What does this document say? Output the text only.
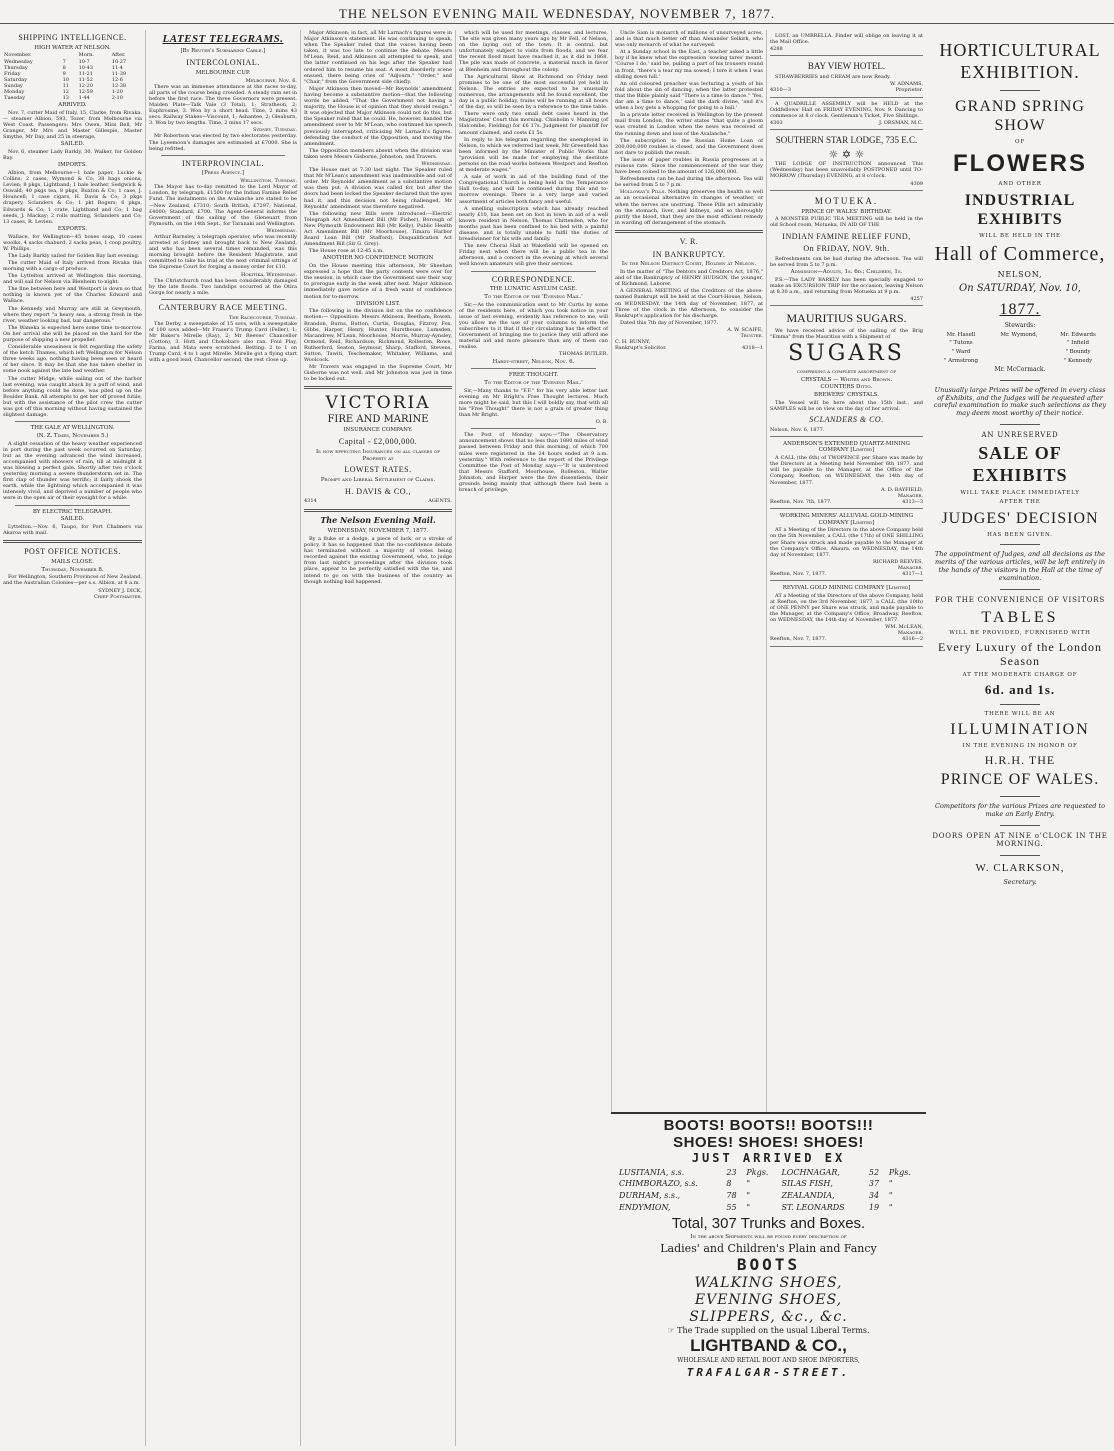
THE NELSON EVENING MAIL WEDNESDAY, NOVEMBER 7, 1877.
SHIPPING INTELLIGENCE.
HIGH WATER AT NELSON.
November.		Morn.	After.
Wednesday	7	10·7	10·27
Thursday	8	10·43	11·4
Friday	9	11·21	11·39
Saturday	10	11·52	12·6
Sunday	11	12·20	12·38
Monday	12	12·59	1·20
Tuesday	13	1·44	2·10
ARRIVED.

Nov. 7, cutter Maid of Italy, 15, Clarke, from Rivaka. — steamer Albion, 593, Tozer, from Melbourne via West Coast. Passengers: Mrs Owen, Miss Bell, Mr Granger, Mr Mrs and Master Gillespie, Master Smythe, Mr Day, and 25 in steerage.

SAILED.

Nov. 6, steamer Lady Barkly, 30, Walker, for Golden Bay.

IMPORTS.

Albion, from Melbourne—1 bale paper, Luckie & Collins; 2 cases, Wymond & Co; 38 bags onions, Levien; 8 pkgs, Lightband; 1 bale leather, Sedgwick & Oswald; 40 pkgs tea, 8 pkgs, Buxton & Co; 1 case, J. Houncell; 1 case cigars, H. Davis & Co; 3 pkgs drapery, Sclanders & Co; 1 pkt Rogers; 6 pkgs, Edwards & Co; 1 crate, Lightband and Co; 1 bag seeds, J. Mackay; 2 rolls matting, Sclanders and Co; 13 cases, R. Levien.

EXPORTS.

Wallace, for Wellington—45 boxes soap, 10 cases woolks, 4 sacks chaburd, 2 sacks peas, 1 coop poultry, W. Phillips.

The Lady Barkly sailed for Golden Bay last evening.

The cutter Maid of Italy arrived from Rivaka this morning with a cargo of produce.

The Lyttelton arrived at Wellington this morning, and will sail for Nelson via Blenheim to-night.

The fine between here and Westport is down so that nothing is known yet of the Charles Edward and Wallace.

The Kennedy and Murray are still at Greymouth, where they report "a heavy sea, a strong fresh in the river, weather looking bad, bar dangerous."

The Waneka is expected here some time to-morrow. On her arrival she will be placed on the hard for the purpose of shipping a new propeller.

Considerable uneasiness is felt regarding the safety of the ketch Thames, which left Wellington for Nelson three weeks ago, nothing having been seen or heard of her since. It may be that she has taken shelter in some nook against the late bad weather.

The cutter Midge, while sailing out of the harbor last evening, was caught aback by a puff of wind, and before anything could be done, was piled up on the Boulder Bank. All attempts to get her off proved futile, but with the assistance of the pilot crew the cutter was got off this morning without having sustained the slightest damage.

THE GALE AT WELLINGTON.
(N. Z. Times, November 5.)

A slight cessation of the heavy weather experienced in port during the past week occurred on Saturday, but as the evening advanced the wind increased, accompanied with showers of rain, till at midnight it was blowing a perfect gale. Shortly after two o'clock yesterday morning a severe thunderstorm set in. The first clap of thunder was terrific; it fairly shook the earth, while the lightning which accompanied it was intensely vivid, and deprived a number of people who were in the open air of their eyesight for a while.

BY ELECTRIC TELEGRAPH.
SAILED.

Lyttelton.—Nov. 6, Taupo, for Port Chalmers via Akaroa with mail.

POST OFFICE NOTICES.
MAILS CLOSE.
Thursday, November 8.

For Wellington, Southern Provinces of New Zealand, and the Australian Colonies—per s.s. Albion, at 8 a.m.

SYDNEY J. DICK,
Chief Postmaster.
LATEST TELEGRAMS.
[By Reuter's Submarine Cable.]
INTERCOLONIAL.
MELBOURNE CUP.
Melbourne, Nov. 6.

There was an immense attendance at the races to-day, all parts of the course being crowded. A steady rain set in before the first race. The three Governors were present. Maiden Plate—Talk Vale (3 Total), 1; Stratheon, 2; Euphrosine, 3. Won by a short head. Time, 2 mins 43 secs. Railway Stakes—Viscount, 1; Ashantee, 2; Gleaburn, 3. Won by two lengths. Time, 2 mins 17 secs.

Sydney, Tuesday.

Mr Robertson was elected by two electorates yesterday. The Lyeemoon's damages are estimated at £7000. She is being refitted.

INTERPROVINCIAL.
[Press Agency.]
Wellington, Tuesday.

The Mayor has to-day remitted to the Lord Mayor of London, by telegraph, £1500 for the Indian Famine Relief Fund. The instalments on the Avalanche are stated to be—New Zealand, £7310; South British, £7297; National, £4000; Standard, £700. The Agent-General informs the Government of the sailing of the Gleneuart from Plymouth, on the 14th Sept., for Taranaki and Wellington.

Wednesday.

Arthur Barnsley, a telegraph operator, who was recently arrested at Sydney and brought back to New Zealand, and who has been several times remanded, was this morning brought before the Resident Magistrate, and committed to take his trial at the next criminal sittings of the Supreme Court for forging a money order for £10.

Hokitika, Wednesday.

The Christchurch road has been considerably damaged by the late floods. Two landslips occurred at the Otira Gorge for nearly a mile.

CANTERBURY RACE MEETING.
The Racecourse, Tuesday.

The Derby, a sweepstake of 15 sovs, with a sweepstake of 100 sovs added—Mr Fraser's Trump Card (Feller), 1; Mr Baker's Mirelle (Ray), 2; Mr Reeves' Chancellor (Cotton), 3. Hutt and Chokobaro also ran. Foul Play, Farina, and Mata were scratched. Betting: 2 to 1 on Trump Card, 4 to 1 agst Mirelle. Mirelle got a flying start with a good lead, Chancellor second, the rest close up.

Major Atkinson; in fact, all Mr Larnach's figures were in Major Atkinson's statement. He was continuing to speak, when The Speaker ruled that the voices having been taken, it was too late to continue the debate. Messrs M'Lean, Reid, and Atkinson all attempted to speak, and the latter continued on his legs after the Speaker had ordered him to resume his seat. A most disorderly scene ensued, there being cries of "Adjourn," "Order," and "Chair," from the Government side chiefly.

Major Atkinson then moved—Mr Reynolds' amendment having become a substantive motion—that the following words be added, "That the Government not having a majority, the House is of opinion that they should resign." It was objected that Major Atkinson could not do this, but the Speaker ruled that he could. He, however, handed the amendment over to Mr M'Lean, who continued his speech previously interrupted, criticising Mr Larnach's figures, defending the conduct of the Opposition, and moving the amendment.

The Opposition members absent when the division was taken were Messrs Gisborne, Johnston, and Travers.

Wednesday.

The House met at 7:30 last night. The Speaker ruled that Mr M'Lean's amendment was inadmissible and out of order. Mr Reynolds' amendment as a substantive motion was then put. A division was called for, but after the doors had been locked the Speaker declared that the ayes had it, and this decision not being challenged, Mr Reynolds' amendment was therefore negatived.

The following new Bills were introduced:—Electric Telegraph Act Amendment Bill (Mr Fisher), Borough of New Plymouth Endowment Bill (Mr Kelly), Public Health Act Amendment Bill (Mr Moorhouse), Timaru Harbor Board Loan Bill (Mr Stafford), Disqualification Act Amendment Bill (Sir G. Grey).

The House rose at 12:45 a.m.

ANOTHER NO CONFIDENCE MOTION

On the House meeting this afternoon, Mr Sheehan expressed a hope that the party contests were over for the session, in which case the Government saw their way to prorogue early in the week after next. Major Atkinson immediately gave notice of a fresh want of confidence motion for to-morrow.

DIVISION LIST.

The following is the division list on the no confidence motion:— Opposition: Messrs Atkinson, Beetham, Bowen, Brandon, Burns, Button, Curtis, Douglas, Fitzroy, Fox, Gibbs, Harper, Henry, Hunter, Hursthouse, Lumsden, Macandrew, M'Lean, Moorhouse, Morris, Murray-Aynsley, Ormond, Reid, Richardson, Richmond, Rolleston, Rowe, Rutherford, Seaton, Seymour, Sharp, Stafford, Stevens, Sutton, Tawiti, Teschemaker, Whitaker, Williams, and Woolcock.

Mr Travers was engaged in the Supreme Court, Mr Gisborne was not well, and Mr Johnston was just in time to be locked out.

VICTORIA
FIRE AND MARINE
INSURANCE COMPANY.
Capital - £2,000,000.
Is now effecting Insurances on all classes of Property at
LOWEST RATES.
Prompt and Liberal Settlement of Claims.
H. DAVIS & CO.,
4314	AGENTS.
The Nelson Evening Mail.
WEDNESDAY, NOVEMBER 7, 1877.

By a fluke or a dodge, a piece of luck, or a stroke of policy, it has so happened that the no-confidence debate has terminated without a majority of votes being recorded against the existing Government, who, to judge from last night's proceedings after the division took place, appear to be perfectly satisfied with the tie, and intend to go on with the business of the country as though nothing had happened.

which will be used for meetings, classes, and lectures. The site was given many years ago by Mr Fell, of Nelson, on the laying out of the town. It is central, but unfortunately subject to visits from floods, and we fear the recent flood must have reached it, as it did in 1868. The pile was made of concrete, a material much in favor at Blenheim and throughout the colony.

The Agricultural Show at Richmond on Friday next promises to be one of the most successful yet held in Nelson. The entries are expected to be unusually numerous, the arrangements will be found excellent, the day is a public holiday, trains will be running at all hours of the day, so will be seen by a reference to the time table.

There were only two small debt cases heard in the Magistrates' Court this morning. Chisholm v. Manning (of Halcombe, Fielding) for £6 17s. Judgment for plaintiff for amount claimed, and costs £1 5s.

In reply to his telegram regarding the unemployed in Nelson, to which we referred last week, Mr Greenfield has been informed by the Minister of Public Works that "provision will be made for employing the destitute persons on the road works between Westport and Reefton at moderate wages."

A sale of work in aid of the building fund of the Congregational Church is being held in the Temperance Hall to-day, and will be continued during this and to-morrow evenings. There is a very large and varied assortment of articles both fancy and useful.

A smelling subscription which has already reached nearly £10, has been set on foot in town in aid of a well known resident in Nelson, Thomas Chittenden, who for months past has been confined to his bed with a painful disease, and is totally unable to fulfil the duties of breadwinner for his wife and family.

The new Choral Hall at Wakefield will be opened on Friday next when there will be a public tea in the afternoon, and a concert in the evening at which several well known amateurs will give their services.

CORRESPONDENCE.
THE LUNATIC ASYLUM CASE.
To the Editor of the 'Evening Mail.'

Sir,—As the communication sent to Mr Curtis by some of the residents here, of which you took notice in your issue of last evening, evidently has reference to me, will you allow me the use of your columns to inform the subscribers to it that if their circulating has the effect of Government of bringing me to justice they will afford me material aid and more pleasure than any of them can realise.

THOMAS BUTLER.
Hardy-street, Nelson, Nov. 6.
FREE THOUGHT.
To the Editor of the 'Evening Mail.'

Sir,—Many thanks to "F.F." for his very able letter last evening on Mr Bright's Free Thought lectures. Much more might be said, but this I will boldly say, that with all his "Free Thought" there is not a grain of greater thing than Mr Bright.

O. B.

The Post of Monday says:—"The Observatory announcement shows that no less than 1880 miles of wind passed between Friday and this morning, of which 700 miles were registered in the 24 hours ended at 9 a.m. yesterday." With reference to the report of the Privilege Committee the Post of Monday says:—"It is understood that Messrs Stafford, Moorhouse, Rolleston, Walter Johnston, and Harper were the five dissentients, their grounds being mainly that although there had been a breach of privilege.

Uncle Sam is monarch of millions of unsurveyed acres, and is that much better off than Alexander Selkirk, who was only monarch of what he surveyed.

At a Sunday school in the East, a teacher asked a little boy if he knew what the expression 'sowing tares' meant. 'Course I do,' said he, pulling a part of his trousers round in front, 'there's a tear my ma sowed; I tore it when I was sliding down hill.'

An old coloured preacher was lecturing a youth of his fold about the sin of dancing, when the latter protested that the Bible plainly said "There is a time to dance." 'Yes, dar am a time to dance,' said the dark divine, 'and it's when a boy gets a whopping for going to a ball.'

In a private letter received in Wellington by the present mail from London, the writer states "that quite a gloom was created in London when the news was received of the running down and loss of the Avalanche."

The subscription to the Russian Home Loan of 200,000,000 roubles is closed, and the Government does not dare to publish the result.

The issue of paper roubles in Russia progresses at a ruinous rate. Since the commencement of the war they have been coined to the amount of 126,000,000.

Refreshments can be had during the afternoon. Tea will be served from 5 to 7 p.m.

Holloway's Pills. Nothing preserves the health so well as an occasional alternative in changes of weather, or when the nerves are unstrung. These Pills act admirably on the stomach, liver, and kidneys, and so thoroughly purify the blood, that they are the most efficient remedy in warding off derangement of the stomach.

V. R.
IN BANKRUPTCY.
In the Nelson District Court, Holden at Nelson.

In the matter of "The Debtors and Creditors Act, 1876," and of the Bankruptcy of HENRY HUDSON, the younger, of Richmond, Laborer.

A GENERAL MEETING of the Creditors of the above-named Bankrupt will be held at the Court-House, Nelson, on WEDNESDAY, the 14th day of November, 1877, at Three of the clock in the Afternoon, to consider the Bankrupt's application for his discharge.

Dated this 7th day of November, 1877.

A. W. SCAIFE,
Trustee.
C. H. BUNNY,
Bankrupt's Solicitor.	4318—1

LOST, an UMBRELLA. Finder will oblige on leaving it at the Mail Office.

4288
BAY VIEW HOTEL.

STRAWBERRIES and CREAM are now Ready.

W. ADNAMS,
4310—3	Proprietor.

A QUADRILLE ASSEMBLY will be HELD at the Oddfellows' Hall on FRIDAY EVENING, Nov. 9. Dancing to commence at 8 o'clock. Gentleman's Ticket, Five Shillings.

4303	J. ORSMAN, M.C.
SOUTHERN STAR LODGE, 735 E.C.
☼ ✡ ☼

THE LODGE OF INSTRUCTION announced This (Wednesday) has been unavoidably POSTPONED until TO-MORROW (Thursday) EVENING, at 8 o'clock.

4309
MOTUEKA.
PRINCE OF WALES' BIRTHDAY.

A MONSTER PUBLIC TEA MEETING will be held in the old School room, Motueka, IN AID OF THE

INDIAN FAMINE RELIEF FUND,
On FRIDAY, NOV. 9th.

Refreshments can be had during the afternoon. Tea will be served from 5 to 7 p.m.

Admission—Adults, 1s. 6d.; Children, 1s.

P.S.—The LADY BARKLY has been specially engaged to make an EXCURSION TRIP for the occasion, leaving Nelson at 8.30 a.m., and returning from Motueka at 9 p.m.

4257
MAURITIUS SUGARS.

We have received advice of the sailing of the Brig "Emma" from the Mauritius with a Shipment of

SUGARS
comprising a complete assortment of
CRYSTALS — Whites and Brown.
COUNTERS Ditto.
BREWERS' CRYSTALS.

The Vessel will be here about the 15th inst., and SAMPLES will be on view on the day of her arrival.

SCLANDERS & CO.
Nelson, Nov. 6, 1877.
ANDERSON'S EXTENDED QUARTZ-MINING COMPANY [Limited]

A CALL (the 6th) of TWOPENCE per Share was made by the Directors at a Meeting held November 6th 1877, and will be payable to the Manager, at the Office of the Company, Reefton, on WEDNESDAY, the 14th day of November, 1877.

A. D. BAYFIELD,
Manager.
Reefton, Nov. 7th, 1877.	4313—3
WORKING MINERS' ALLUVIAL GOLD-MINING COMPANY [Limited]

AT a Meeting of the Directors in the above Company held on the 5th November, a CALL (the 17th) of ONE SHILLING per Share was struck and made payable to the Manager at the Company's Office, Ahaura, on WEDNESDAY, the 14th day of November, 1877.

RICHARD REEVES,
Manager.
Reefton, Nov. 7, 1877.	4317—1
REVIVAL GOLD MINING COMPANY [Limited]

AT a Meeting of the Directors of the above Company, held at Reefton, on the 3rd November, 1877, a CALL (the 10th) of ONE PENNY per Share was struck, and made payable to the Manager, at the Company's Office, Broadway, Reefton, on WEDNESDAY, the 14th day of November, 1877.

WM. McLEAN,
Manager.
Reefton, Nov. 7, 1877.	4316—2
BOOTS! BOOTS!! BOOTS!!!
SHOES! SHOES! SHOES!
JUST ARRIVED EX
LUSITANIA, s.s.	23	Pkgs.	LOCHNAGAR,	52	Pkgs.
CHIMBORAZO, s.s.	8	"	SILAS FISH,	37	"
DURHAM, s.s.,	78	"	ZEALANDIA,	34	"
ENDYMION,	55	"	ST. LEONARDS	19	"
Total, 307 Trunks and Boxes.
In the above Shipments will be found every description of
Ladies' and Children's Plain and Fancy
BOOTS
WALKING SHOES,
EVENING SHOES,
SLIPPERS, &c., &c.
☞ The Trade supplied on the usual Liberal Terms.
LIGHTBAND & CO.,
WHOLESALE AND RETAIL BOOT AND SHOE IMPORTERS,
TRAFALGAR-STREET.
HORTICULTURAL EXHIBITION.
GRAND SPRING SHOW
OF
FLOWERS
AND OTHER
INDUSTRIAL EXHIBITS
WILL BE HELD IN THE
Hall of Commerce,
NELSON,
On SATURDAY, Nov. 10,
1877.
Stewards:
Mr. Hasell	Mr. Wymond,	Mr. Edwards
" Tutons		" Infield
" Ward		" Boundy
" Armstrong		" Kennedy
Mr. McCormack.
Unusually large Prizes will be offered in every class of Exhibits, and the Judges will be requested after careful examination to make such selections as they may deem most worthy of their notice.
AN UNRESERVED
SALE OF EXHIBITS
WILL TAKE PLACE IMMEDIATELY
AFTER THE
JUDGES' DECISION
HAS BEEN GIVEN.
The appointment of Judges, and all decisions as the merits of the various articles, will be left entirely in the hands of the visitors in the Hall at the time of examination.
FOR THE CONVENIENCE OF VISITORS
TABLES
WILL BE PROVIDED, FURNISHED WITH
Every Luxury of the London Season
AT THE MODERATE CHARGE OF
6d. and 1s.
THERE WILL BE AN
ILLUMINATION
IN THE EVENING IN HONOR OF
H.R.H. THE
PRINCE OF WALES.
Competitors for the various Prizes are requested to make an Early Entry.
DOORS OPEN AT NINE o'CLOCK IN THE MORNING.
W. CLARKSON,
Secretary.
